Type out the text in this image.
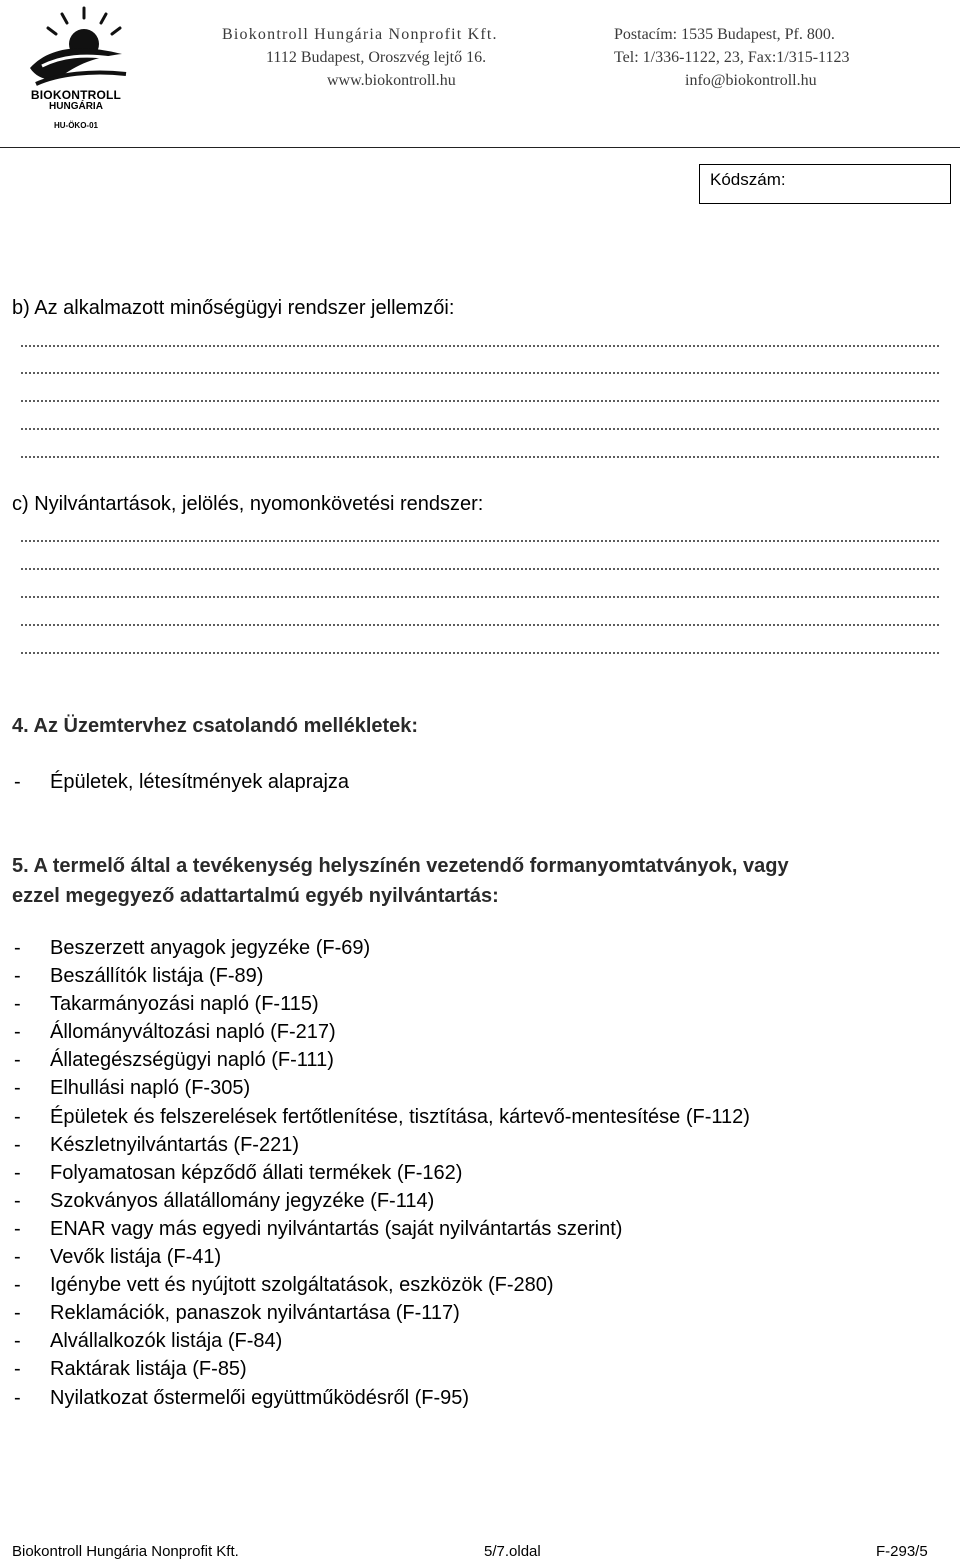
BIOKONTROLL
HUNGÁRIA
HU-ÖKO-01
Biokontroll Hungária Nonprofit Kft.
1112 Budapest, Oroszvég lejtő 16.
www.biokontroll.hu
Postacím: 1535 Budapest, Pf. 800.
Tel: 1/336-1122, 23, Fax:1/315-1123
info@biokontroll.hu
Kódszám:
b) Az alkalmazott minőségügyi rendszer jellemzői:
c) Nyilvántartások, jelölés, nyomonkövetési rendszer:
4. Az Üzemtervhez csatolandó mellékletek:
- Épületek, létesítmények alaprajza
5. A termelő által a tevékenység helyszínén vezetendő formanyomtatványok, vagy
ezzel megegyező adattartalmú egyéb nyilvántartás:
- Beszerzett anyagok jegyzéke (F-69)
- Beszállítók listája (F-89)
- Takarmányozási napló (F-115)
- Állományváltozási napló (F-217)
- Állategészségügyi napló (F-111)
- Elhullási napló (F-305)
- Épületek és felszerelések fertőtlenítése, tisztítása, kártevő-mentesítése (F-112)
- Készletnyilvántartás (F-221)
- Folyamatosan képződő állati termékek (F-162)
- Szokványos állatállomány jegyzéke (F-114)
- ENAR vagy más egyedi nyilvántartás (saját nyilvántartás szerint)
- Vevők listája (F-41)
- Igénybe vett és nyújtott szolgáltatások, eszközök (F-280)
- Reklamációk, panaszok nyilvántartása (F-117)
- Alvállalkozók listája (F-84)
- Raktárak listája (F-85)
- Nyilatkozat őstermelői együttműködésről (F-95)
Biokontroll Hungária Nonprofit Kft.	5/7.oldal	F-293/5
